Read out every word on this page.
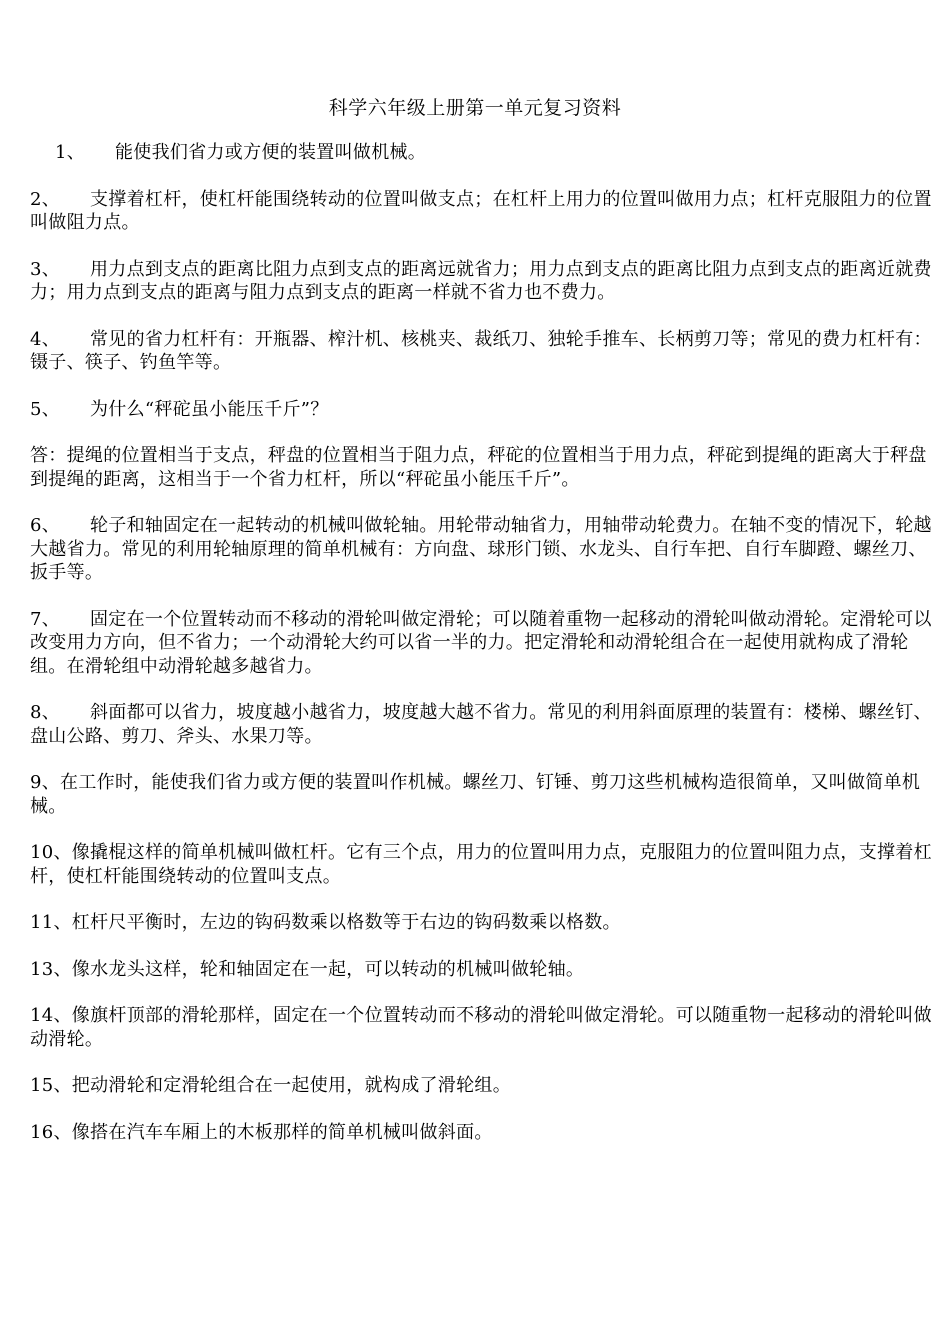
科学六年级上册第一单元复习资料

1、 能使我们省力或方便的装置叫做机械。

2、 支撑着杠杆，使杠杆能围绕转动的位置叫做支点；在杠杆上用力的位置叫做用力点；杠杆克服阻力的位置叫做阻力点。

3、 用力点到支点的距离比阻力点到支点的距离远就省力；用力点到支点的距离比阻力点到支点的距离近就费力；用力点到支点的距离与阻力点到支点的距离一样就不省力也不费力。

4、 常见的省力杠杆有：开瓶器、榨汁机、核桃夹、裁纸刀、独轮手推车、长柄剪刀等；常见的费力杠杆有：镊子、筷子、钓鱼竿等。

5、 为什么“秤砣虽小能压千斤”？

答：提绳的位置相当于支点，秤盘的位置相当于阻力点，秤砣的位置相当于用力点，秤砣到提绳的距离大于秤盘到提绳的距离，这相当于一个省力杠杆，所以“秤砣虽小能压千斤”。

6、 轮子和轴固定在一起转动的机械叫做轮轴。用轮带动轴省力，用轴带动轮费力。在轴不变的情况下，轮越大越省力。常见的利用轮轴原理的简单机械有：方向盘、球形门锁、水龙头、自行车把、自行车脚蹬、螺丝刀、扳手等。

7、 固定在一个位置转动而不移动的滑轮叫做定滑轮；可以随着重物一起移动的滑轮叫做动滑轮。定滑轮可以改变用力方向，但不省力；一个动滑轮大约可以省一半的力。把定滑轮和动滑轮组合在一起使用就构成了滑轮组。在滑轮组中动滑轮越多越省力。

8、 斜面都可以省力，坡度越小越省力，坡度越大越不省力。常见的利用斜面原理的装置有：楼梯、螺丝钉、盘山公路、剪刀、斧头、水果刀等。

9、在工作时，能使我们省力或方便的装置叫作机械。螺丝刀、钉锤、剪刀这些机械构造很简单，又叫做简单机械。

10、像撬棍这样的简单机械叫做杠杆。它有三个点，用力的位置叫用力点，克服阻力的位置叫阻力点，支撑着杠杆，使杠杆能围绕转动的位置叫支点。

11、杠杆尺平衡时，左边的钩码数乘以格数等于右边的钩码数乘以格数。

13、像水龙头这样，轮和轴固定在一起，可以转动的机械叫做轮轴。

14、像旗杆顶部的滑轮那样，固定在一个位置转动而不移动的滑轮叫做定滑轮。可以随重物一起移动的滑轮叫做动滑轮。

15、把动滑轮和定滑轮组合在一起使用，就构成了滑轮组。

16、像搭在汽车车厢上的木板那样的简单机械叫做斜面。
